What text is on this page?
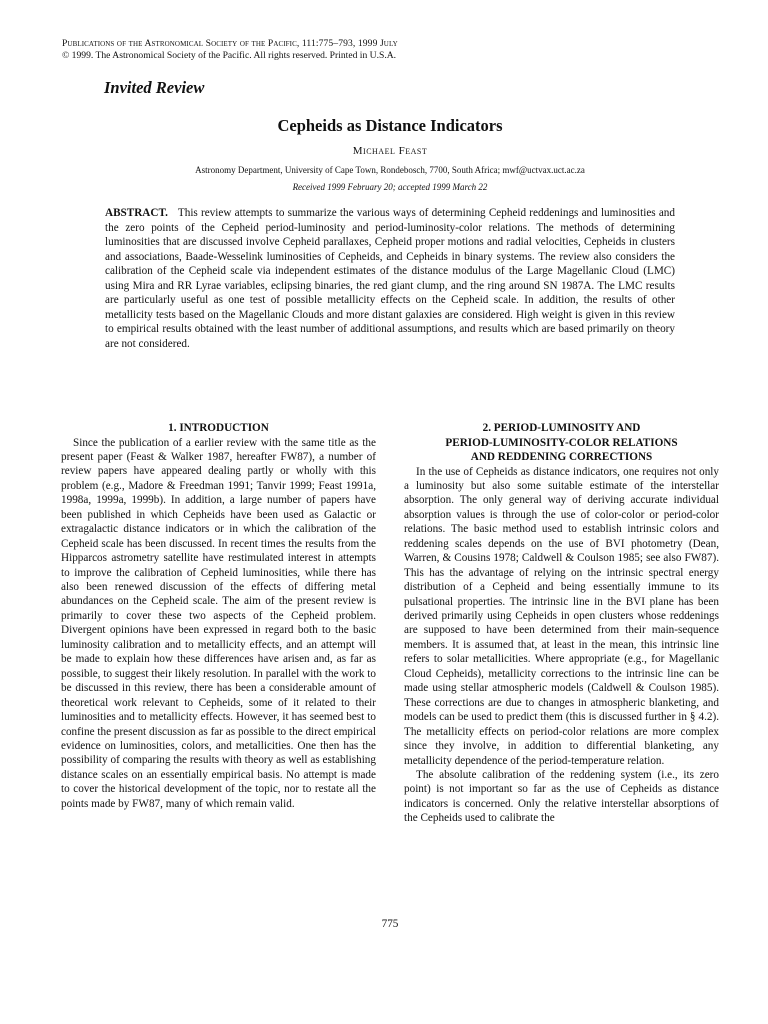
Publications of the Astronomical Society of the Pacific, 111:775–793, 1999 July
© 1999. The Astronomical Society of the Pacific. All rights reserved. Printed in U.S.A.
Invited Review
Cepheids as Distance Indicators
Michael Feast
Astronomy Department, University of Cape Town, Rondebosch, 7700, South Africa; mwf@uctvax.uct.ac.za
Received 1999 February 20; accepted 1999 March 22
ABSTRACT. This review attempts to summarize the various ways of determining Cepheid reddenings and luminosities and the zero points of the Cepheid period-luminosity and period-luminosity-color relations. The methods of determining luminosities that are discussed involve Cepheid parallaxes, Cepheid proper motions and radial velocities, Cepheids in clusters and associations, Baade-Wesselink luminosities of Cepheids, and Cepheids in binary systems. The review also considers the calibration of the Cepheid scale via independent estimates of the distance modulus of the Large Magellanic Cloud (LMC) using Mira and RR Lyrae variables, eclipsing binaries, the red giant clump, and the ring around SN 1987A. The LMC results are particularly useful as one test of possible metallicity effects on the Cepheid scale. In addition, the results of other metallicity tests based on the Magellanic Clouds and more distant galaxies are considered. High weight is given in this review to empirical results obtained with the least number of additional assumptions, and results which are based primarily on theory are not considered.

1. INTRODUCTION

Since the publication of a earlier review with the same title as the present paper (Feast & Walker 1987, hereafter FW87), a number of review papers have appeared dealing partly or wholly with this problem (e.g., Madore & Freedman 1991; Tanvir 1999; Feast 1991a, 1998a, 1999a, 1999b). In addition, a large number of papers have been published in which Cepheids have been used as Galactic or extragalactic distance indicators or in which the calibration of the Cepheid scale has been discussed. In recent times the results from the Hipparcos astrometry satellite have restimulated interest in attempts to improve the calibration of Cepheid luminosities, while there has also been renewed discussion of the effects of differing metal abundances on the Cepheid scale. The aim of the present review is primarily to cover these two aspects of the Cepheid problem. Divergent opinions have been expressed in regard both to the basic luminosity calibration and to metallicity effects, and an attempt will be made to explain how these differences have arisen and, as far as possible, to suggest their likely resolution. In parallel with the work to be discussed in this review, there has been a considerable amount of theoretical work relevant to Cepheids, some of it related to their luminosities and to metallicity effects. However, it has seemed best to confine the present discussion as far as possible to the direct empirical evidence on luminosities, colors, and metallicities. One then has the possibility of comparing the results with theory as well as establishing distance scales on an essentially empirical basis. No attempt is made to cover the historical development of the topic, nor to restate all the points made by FW87, many of which remain valid.

2. PERIOD-LUMINOSITY AND

PERIOD-LUMINOSITY-COLOR RELATIONS

AND REDDENING CORRECTIONS

In the use of Cepheids as distance indicators, one requires not only a luminosity but also some suitable estimate of the interstellar absorption. The only general way of deriving accurate individual absorption values is through the use of color-color or period-color relations. The basic method used to establish intrinsic colors and reddening scales depends on the use of BVI photometry (Dean, Warren, & Cousins 1978; Caldwell & Coulson 1985; see also FW87). This has the advantage of relying on the intrinsic spectral energy distribution of a Cepheid and being essentially immune to its pulsational properties. The intrinsic line in the BVI plane has been derived primarily using Cepheids in open clusters whose reddenings are supposed to have been determined from their main-sequence members. It is assumed that, at least in the mean, this intrinsic line refers to solar metallicities. Where appropriate (e.g., for Magellanic Cloud Cepheids), metallicity corrections to the intrinsic line can be made using stellar atmospheric models (Caldwell & Coulson 1985). These corrections are due to changes in atmospheric blanketing, and models can be used to predict them (this is discussed further in § 4.2). The metallicity effects on period-color relations are more complex since they involve, in addition to differential blanketing, any metallicity dependence of the period-temperature relation.

The absolute calibration of the reddening system (i.e., its zero point) is not important so far as the use of Cepheids as distance indicators is concerned. Only the relative interstellar absorptions of the Cepheids used to calibrate the

775
